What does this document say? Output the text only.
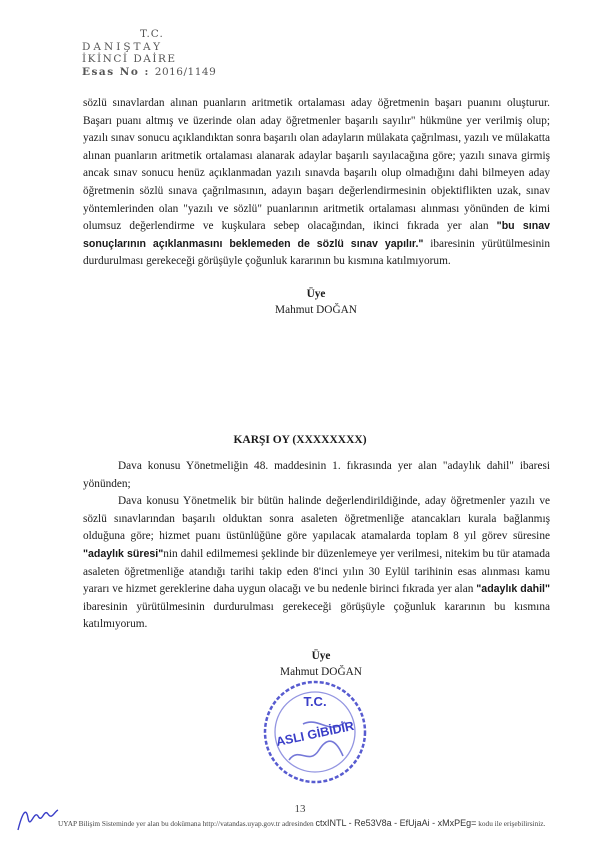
T.C.
DANIŞTAY
İKİNCİ DAİRE
Esas No : 2016/1149

sözlü sınavlardan alınan puanların aritmetik ortalaması aday öğretmenin başarı puanını oluşturur. Başarı puanı altmış ve üzerinde olan aday öğretmenler başarılı sayılır" hükmüne yer verilmiş olup; yazılı sınav sonucu açıklandıktan sonra başarılı olan adayların mülakata çağrılması, yazılı ve mülakatta alınan puanların aritmetik ortalaması alanarak adaylar başarılı sayılacağına göre; yazılı sınava girmiş ancak sınav sonucu henüz açıklanmadan yazılı sınavda başarılı olup olmadığını dahi bilmeyen aday öğretmenin sözlü sınava çağrılmasının, adayın başarı değerlendirmesinin objektiflikten uzak, sınav yöntemlerinden olan "yazılı ve sözlü" puanlarının aritmetik ortalaması alınması yönünden de kimi olumsuz değerlendirme ve kuşkulara sebep olacağından, ikinci fıkrada yer alan "bu sınav sonuçlarının açıklanmasını beklemeden de sözlü sınav yapılır." ibaresinin yürütülmesinin durdurulması gerekeceği görüşüyle çoğunluk kararının bu kısmına katılmıyorum.

Üye
Mahmut DOĞAN
KARŞI OY (XXXXXXXX)

Dava konusu Yönetmeliğin 48. maddesinin 1. fıkrasında yer alan "adaylık dahil" ibaresi yönünden;

Dava konusu Yönetmelik bir bütün halinde değerlendirildiğinde, aday öğretmenler yazılı ve sözlü sınavlarından başarılı olduktan sonra asaleten öğretmenliğe atancakları kurala bağlanmış olduğuna göre; hizmet puanı üstünlüğüne göre yapılacak atamalarda toplam 8 yıl görev süresine "adaylık süresi"nin dahil edilmemesi şeklinde bir düzenlemeye yer verilmesi, nitekim bu tür atamada asaleten öğretmenliğe atandığı tarihi takip eden 8'inci yılın 30 Eylül tarihinin esas alınması kamu yararı ve hizmet gereklerine daha uygun olacağı ve bu nedenle birinci fıkrada yer alan "adaylık dahil" ibaresinin yürütülmesinin durdurulması gerekeceği görüşüyle çoğunluk kararının bu kısmına katılmıyorum.

Üye
Mahmut DOĞAN
T.C.
ASLI GİBİDİR
13
UYAP Bilişim Sisteminde yer alan bu dokümana http://vatandas.uyap.gov.tr adresinden ctxINTL - Re53V8a - EfUjaAi - xMxPEg= kodu ile erişebilirsiniz.
